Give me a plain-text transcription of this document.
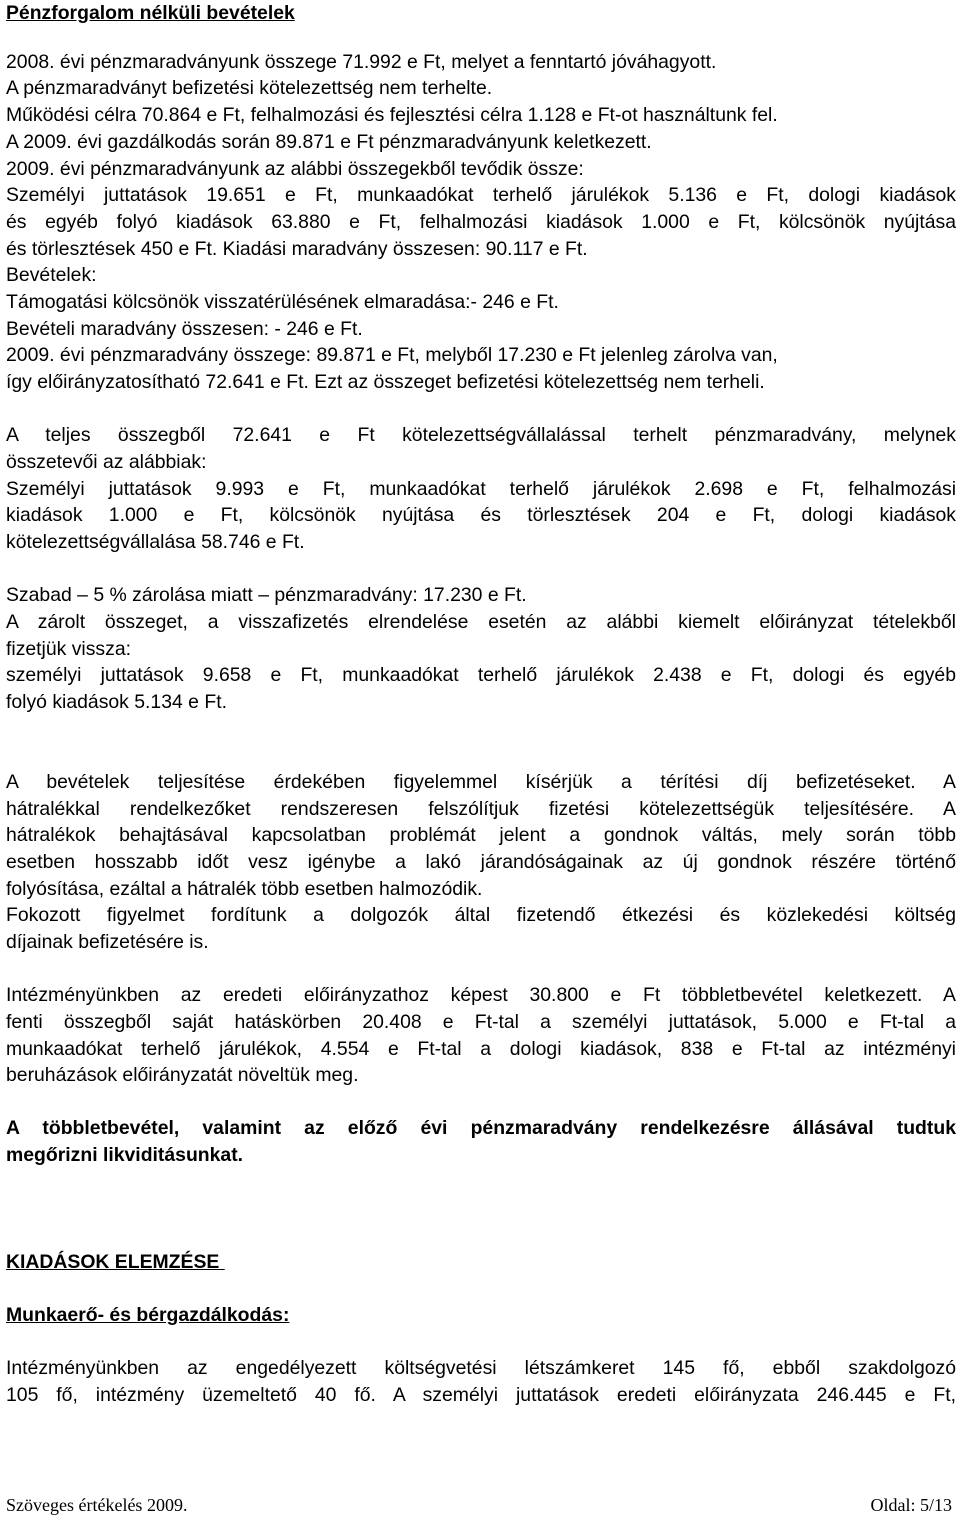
Pénzforgalom nélküli bevételek
2008. évi pénzmaradványunk összege 71.992 e Ft, melyet a fenntartó jóváhagyott.
A pénzmaradványt befizetési kötelezettség nem terhelte.
Működési célra 70.864 e Ft, felhalmozási és fejlesztési célra 1.128 e Ft-ot használtunk fel.
A 2009. évi gazdálkodás során 89.871 e Ft pénzmaradványunk keletkezett.
2009. évi pénzmaradványunk az alábbi összegekből tevődik össze:
Személyi juttatások 19.651 e Ft, munkaadókat terhelő járulékok 5.136 e Ft, dologi kiadások
és egyéb folyó kiadások 63.880 e Ft, felhalmozási kiadások 1.000 e Ft, kölcsönök nyújtása
és törlesztések 450 e Ft. Kiadási maradvány összesen: 90.117 e Ft.
Bevételek:
Támogatási kölcsönök visszatérülésének elmaradása:- 246 e Ft.
Bevételi maradvány összesen: - 246 e Ft.
2009. évi pénzmaradvány összege: 89.871 e Ft, melyből 17.230 e Ft jelenleg zárolva van,
így előirányzatosítható 72.641 e Ft. Ezt az összeget befizetési kötelezettség nem terheli.
A teljes összegből 72.641 e Ft kötelezettségvállalással terhelt pénzmaradvány, melynek
összetevői az alábbiak:
Személyi juttatások 9.993 e Ft, munkaadókat terhelő járulékok 2.698 e Ft, felhalmozási
kiadások 1.000 e Ft, kölcsönök nyújtása és törlesztések 204 e Ft, dologi kiadások
kötelezettségvállalása 58.746 e Ft.
Szabad – 5 % zárolása miatt – pénzmaradvány: 17.230 e Ft.
A zárolt összeget, a visszafizetés elrendelése esetén az alábbi kiemelt előirányzat tételekből
fizetjük vissza:
személyi juttatások 9.658 e Ft, munkaadókat terhelő járulékok 2.438 e Ft, dologi és egyéb
folyó kiadások 5.134 e Ft.
A bevételek teljesítése érdekében figyelemmel kísérjük a térítési díj befizetéseket. A
hátralékkal rendelkezőket rendszeresen felszólítjuk fizetési kötelezettségük teljesítésére. A
hátralékok behajtásával kapcsolatban problémát jelent a gondnok váltás, mely során több
esetben hosszabb időt vesz igénybe a lakó járandóságainak az új gondnok részére történő
folyósítása, ezáltal a hátralék több esetben halmozódik.
Fokozott figyelmet fordítunk a dolgozók által fizetendő étkezési és közlekedési költség
díjainak befizetésére is.
Intézményünkben az eredeti előirányzathoz képest 30.800 e Ft többletbevétel keletkezett. A
fenti összegből saját hatáskörben 20.408 e Ft-tal a személyi juttatások, 5.000 e Ft-tal a
munkaadókat terhelő járulékok, 4.554 e Ft-tal a dologi kiadások, 838 e Ft-tal az intézményi
beruházások előirányzatát növeltük meg.
A többletbevétel, valamint az előző évi pénzmaradvány rendelkezésre állásával tudtuk
megőrizni likviditásunkat.
KIADÁSOK ELEMZÉSE
Munkaerő- és bérgazdálkodás:
Intézményünkben az engedélyezett költségvetési létszámkeret 145 fő, ebből szakdolgozó
105 fő, intézmény üzemeltető 40 fő. A személyi juttatások eredeti előirányzata 246.445 e Ft,
Szöveges értékelés 2009.	Oldal: 5/13
